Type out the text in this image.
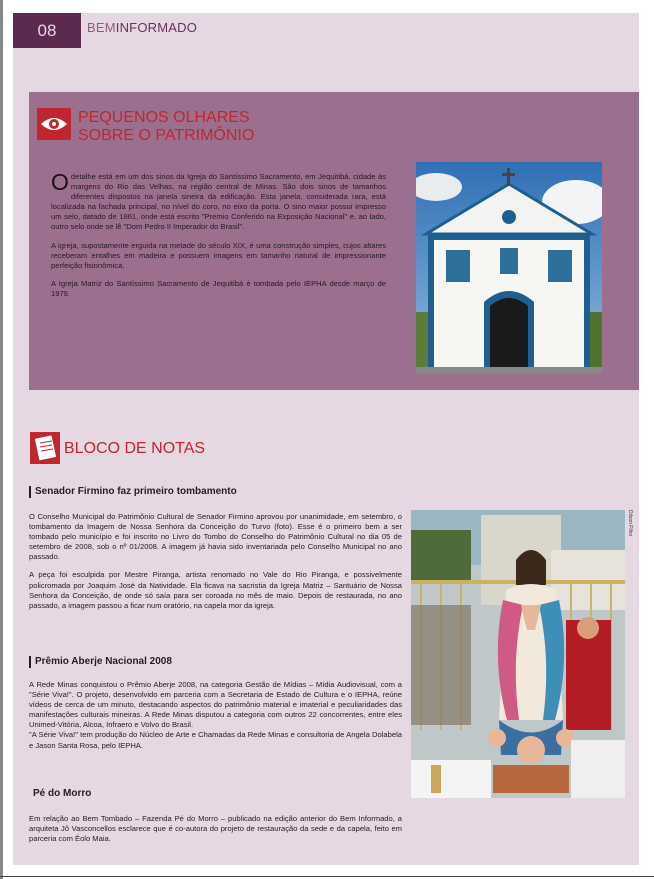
08	BEMINFORMADO
PEQUENOS OLHARES
SOBRE O PATRIMÔNIO

O detalhe está em um dos sinos da Igreja do Santíssimo Sacramento, em Jequitibá, cidade às margens do Rio das Velhas, na região central de Minas. São dois sinos de tamanhos diferentes dispostos na janela sineira da edificação. Esta janela, considerada rara, está localizada na fachada principal, no nível do coro, no eixo da porta. O sino maior possui impresso um selo, datado de 1861, onde está escrito "Premio Conferido na Exposição Nacional" e, ao lado, outro selo onde se lê "Dom Pedro II Imperador do Brasil".

A igreja, supostamente erguida na metade do século XIX, é uma construção simples, cujos altares receberam entalhes em madeira e possuem imagens em tamanho natural de impressionante perfeição fisionômica.

A Igreja Matriz do Santíssimo Sacramento de Jequitibá é tombada pelo IEPHA desde março de 1979.

BLOCO DE NOTAS
Senador Firmino faz primeiro tombamento

O Conselho Municipal do Patrimônio Cultural de Senador Firmino aprovou por unanimidade, em setembro, o tombamento da Imagem de Nossa Senhora da Conceição do Turvo (foto). Esse é o primeiro bem a ser tombado pelo município e foi inscrito no Livro do Tombo do Conselho do Patrimônio Cultural no dia 05 de setembro de 2008, sob o nº 01/2008. A imagem já havia sido inventariada pelo Conselho Municipal no ano passado.

A peça foi esculpida por Mestre Piranga, artista renomado no Vale do Rio Piranga, e possivelmente policromada por Joaquim José da Natividade. Ela ficava na sacristia da Igreja Matriz – Santuário de Nossa Senhora da Conceição, de onde só saía para ser coroada no mês de maio. Depois de restaurada, no ano passado, a imagem passou a ficar num oratório, na capela mor da igreja.

Prêmio Aberje Nacional 2008

A Rede Minas conquistou o Prêmio Aberje 2008, na categoria Gestão de Mídias – Mídia Audiovisual, com a "Série Viva!". O projeto, desenvolvido em parceria com a Secretaria de Estado de Cultura e o IEPHA, reúne vídeos de cerca de um minuto, destacando aspectos do patrimônio material e imaterial e peculiaridades das manifestações culturais mineiras. A Rede Minas disputou a categoria com outros 22 concorrentes, entre eles Unimed-Vitória, Alcoa, Infraero e Volvo do Brasil.

"A Série Viva!" tem produção do Núcleo de Arte e Chamadas da Rede Minas e consultoria de Angela Dolabela e Jason Santa Rosa, pelo IEPHA.

Pé do Morro

Em relação ao Bem Tombado – Fazenda Pé do Morro – publicado na edição anterior do Bem Informado, a arquiteta Jô Vasconcellos esclarece que é co-autora do projeto de restauração da sede e da capela, feito em parceria com Éolo Maia.

Dilson Filho
